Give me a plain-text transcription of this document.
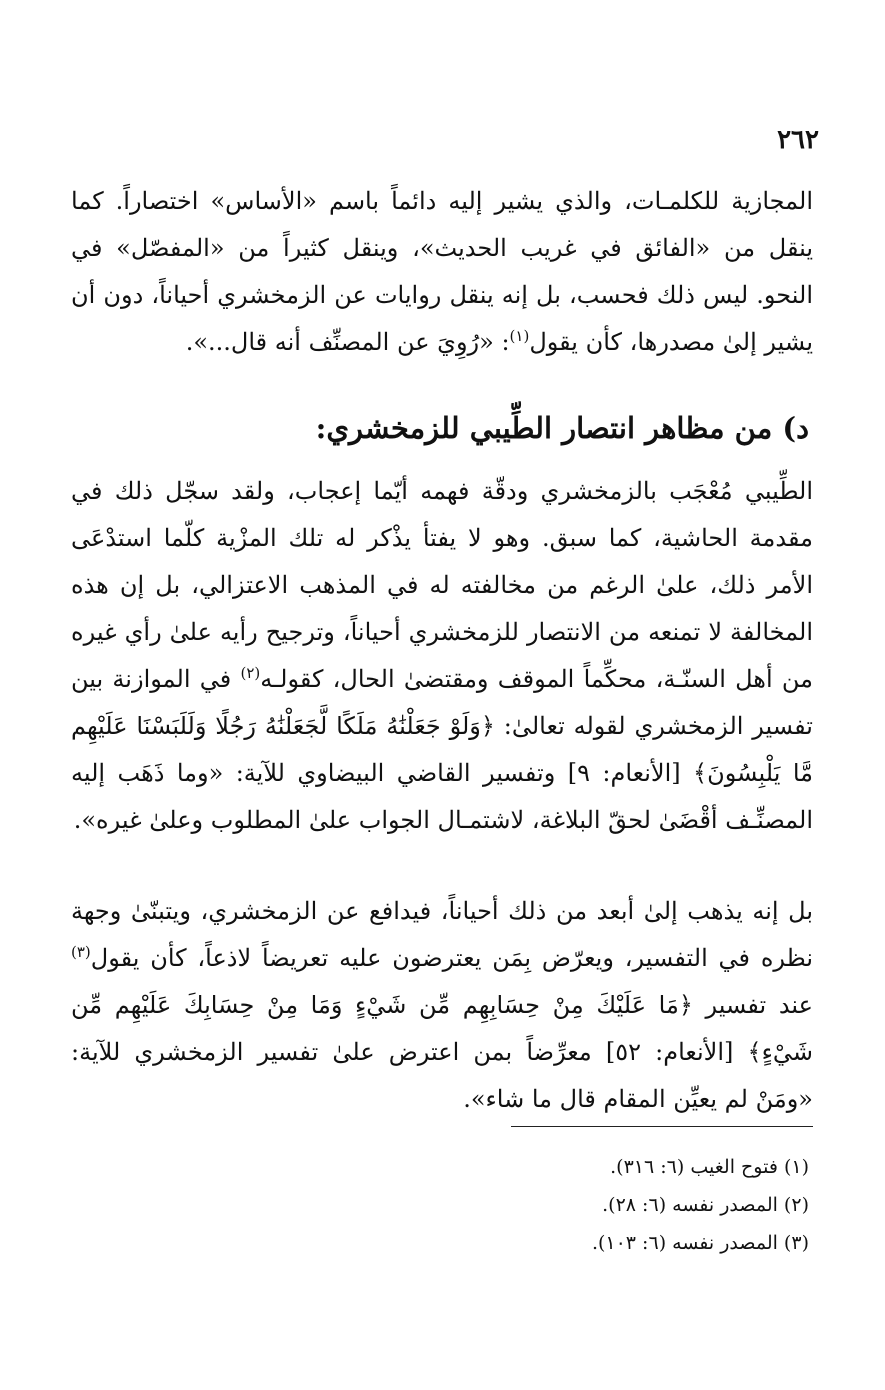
٢٦٢

المجازية للكلمـات، والذي يشير إليه دائماً باسم «الأساس» اختصاراً. كما ينقل من «الفائق في غريب الحديث»، وينقل كثيراً من «المفصّل» في النحو. ليس ذلك فحسب، بل إنه ينقل روايات عن الزمخشري أحياناً، دون أن يشير إلىٰ مصدرها، كأن يقول$^{(١)}$: «رُوِيَ عن المصنِّف أنه قال...».

د) من مظاهر انتصار الطِّيبي للزمخشري:

الطِّيبي مُعْجَب بالزمخشري ودقّة فهمه أيّما إعجاب، ولقد سجّل ذلك في مقدمة الحاشية، كما سبق. وهو لا يفتأ يذْكر له تلك المزْية كلّما استدْعَى الأمر ذلك، علىٰ الرغم من مخالفته له في المذهب الاعتزالي، بل إن هذه المخالفة لا تمنعه من الانتصار للزمخشري أحياناً، وترجيح رأيه علىٰ رأي غيره من أهل السنّـة، محكِّماً الموقف ومقتضىٰ الحال، كقولـه$^{(٢)}$ في الموازنة بين تفسير الزمخشري لقوله تعالىٰ: ﴿وَلَوْ جَعَلْنَٰهُ مَلَكًا لَّجَعَلْنَٰهُ رَجُلًا وَلَلَبَسْنَا عَلَيْهِم مَّا يَلْبِسُونَ﴾ [الأنعام: ٩] وتفسير القاضي البيضاوي للآية: «وما ذَهَب إليه المصنِّـف أقْضَىٰ لحقّ البلاغة، لاشتمـال الجواب علىٰ المطلوب وعلىٰ غيره».

بل إنه يذهب إلىٰ أبعد من ذلك أحياناً، فيدافع عن الزمخشري، ويتبنّىٰ وجهة نظره في التفسير، ويعرّض بِمَن يعترضون عليه تعريضاً لاذعاً، كأن يقول$^{(٣)}$ عند تفسير ﴿مَا عَلَيْكَ مِنْ حِسَابِهِم مِّن شَيْءٍ وَمَا مِنْ حِسَابِكَ عَلَيْهِم مِّن شَيْءٍ﴾ [الأنعام: ٥٢] معرِّضاً بمن اعترض علىٰ تفسير الزمخشري للآية: «ومَنْ لم يعيِّن المقام قال ما شاء».

(١) فتوح الغيب (٦: ٣١٦).
(٢) المصدر نفسه (٦: ٢٨).
(٣) المصدر نفسه (٦: ١٠٣).
